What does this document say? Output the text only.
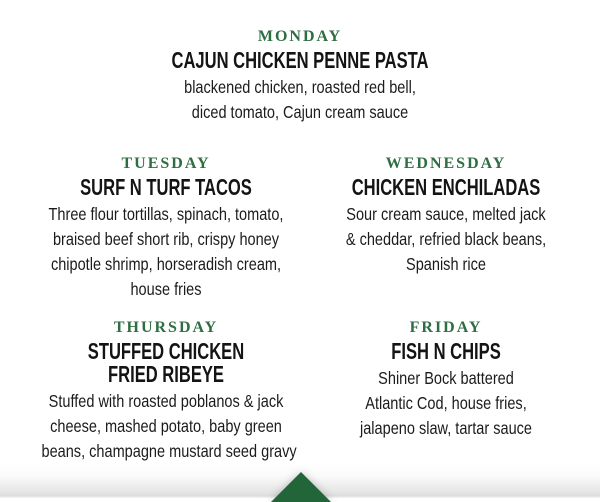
MONDAY
CAJUN CHICKEN PENNE PASTA
blackened chicken, roasted red bell,
diced tomato, Cajun cream sauce
TUESDAY
SURF N TURF TACOS
Three flour tortillas, spinach, tomato,
braised beef short rib, crispy honey
chipotle shrimp, horseradish cream,
house fries
WEDNESDAY
CHICKEN ENCHILADAS
Sour cream sauce, melted jack
& cheddar, refried black beans,
Spanish rice
THURSDAY
STUFFED CHICKEN
FRIED RIBEYE
Stuffed with roasted poblanos & jack
cheese, mashed potato, baby green
beans, champagne mustard seed gravy
FRIDAY
FISH N CHIPS
Shiner Bock battered
Atlantic Cod, house fries,
jalapeno slaw, tartar sauce
